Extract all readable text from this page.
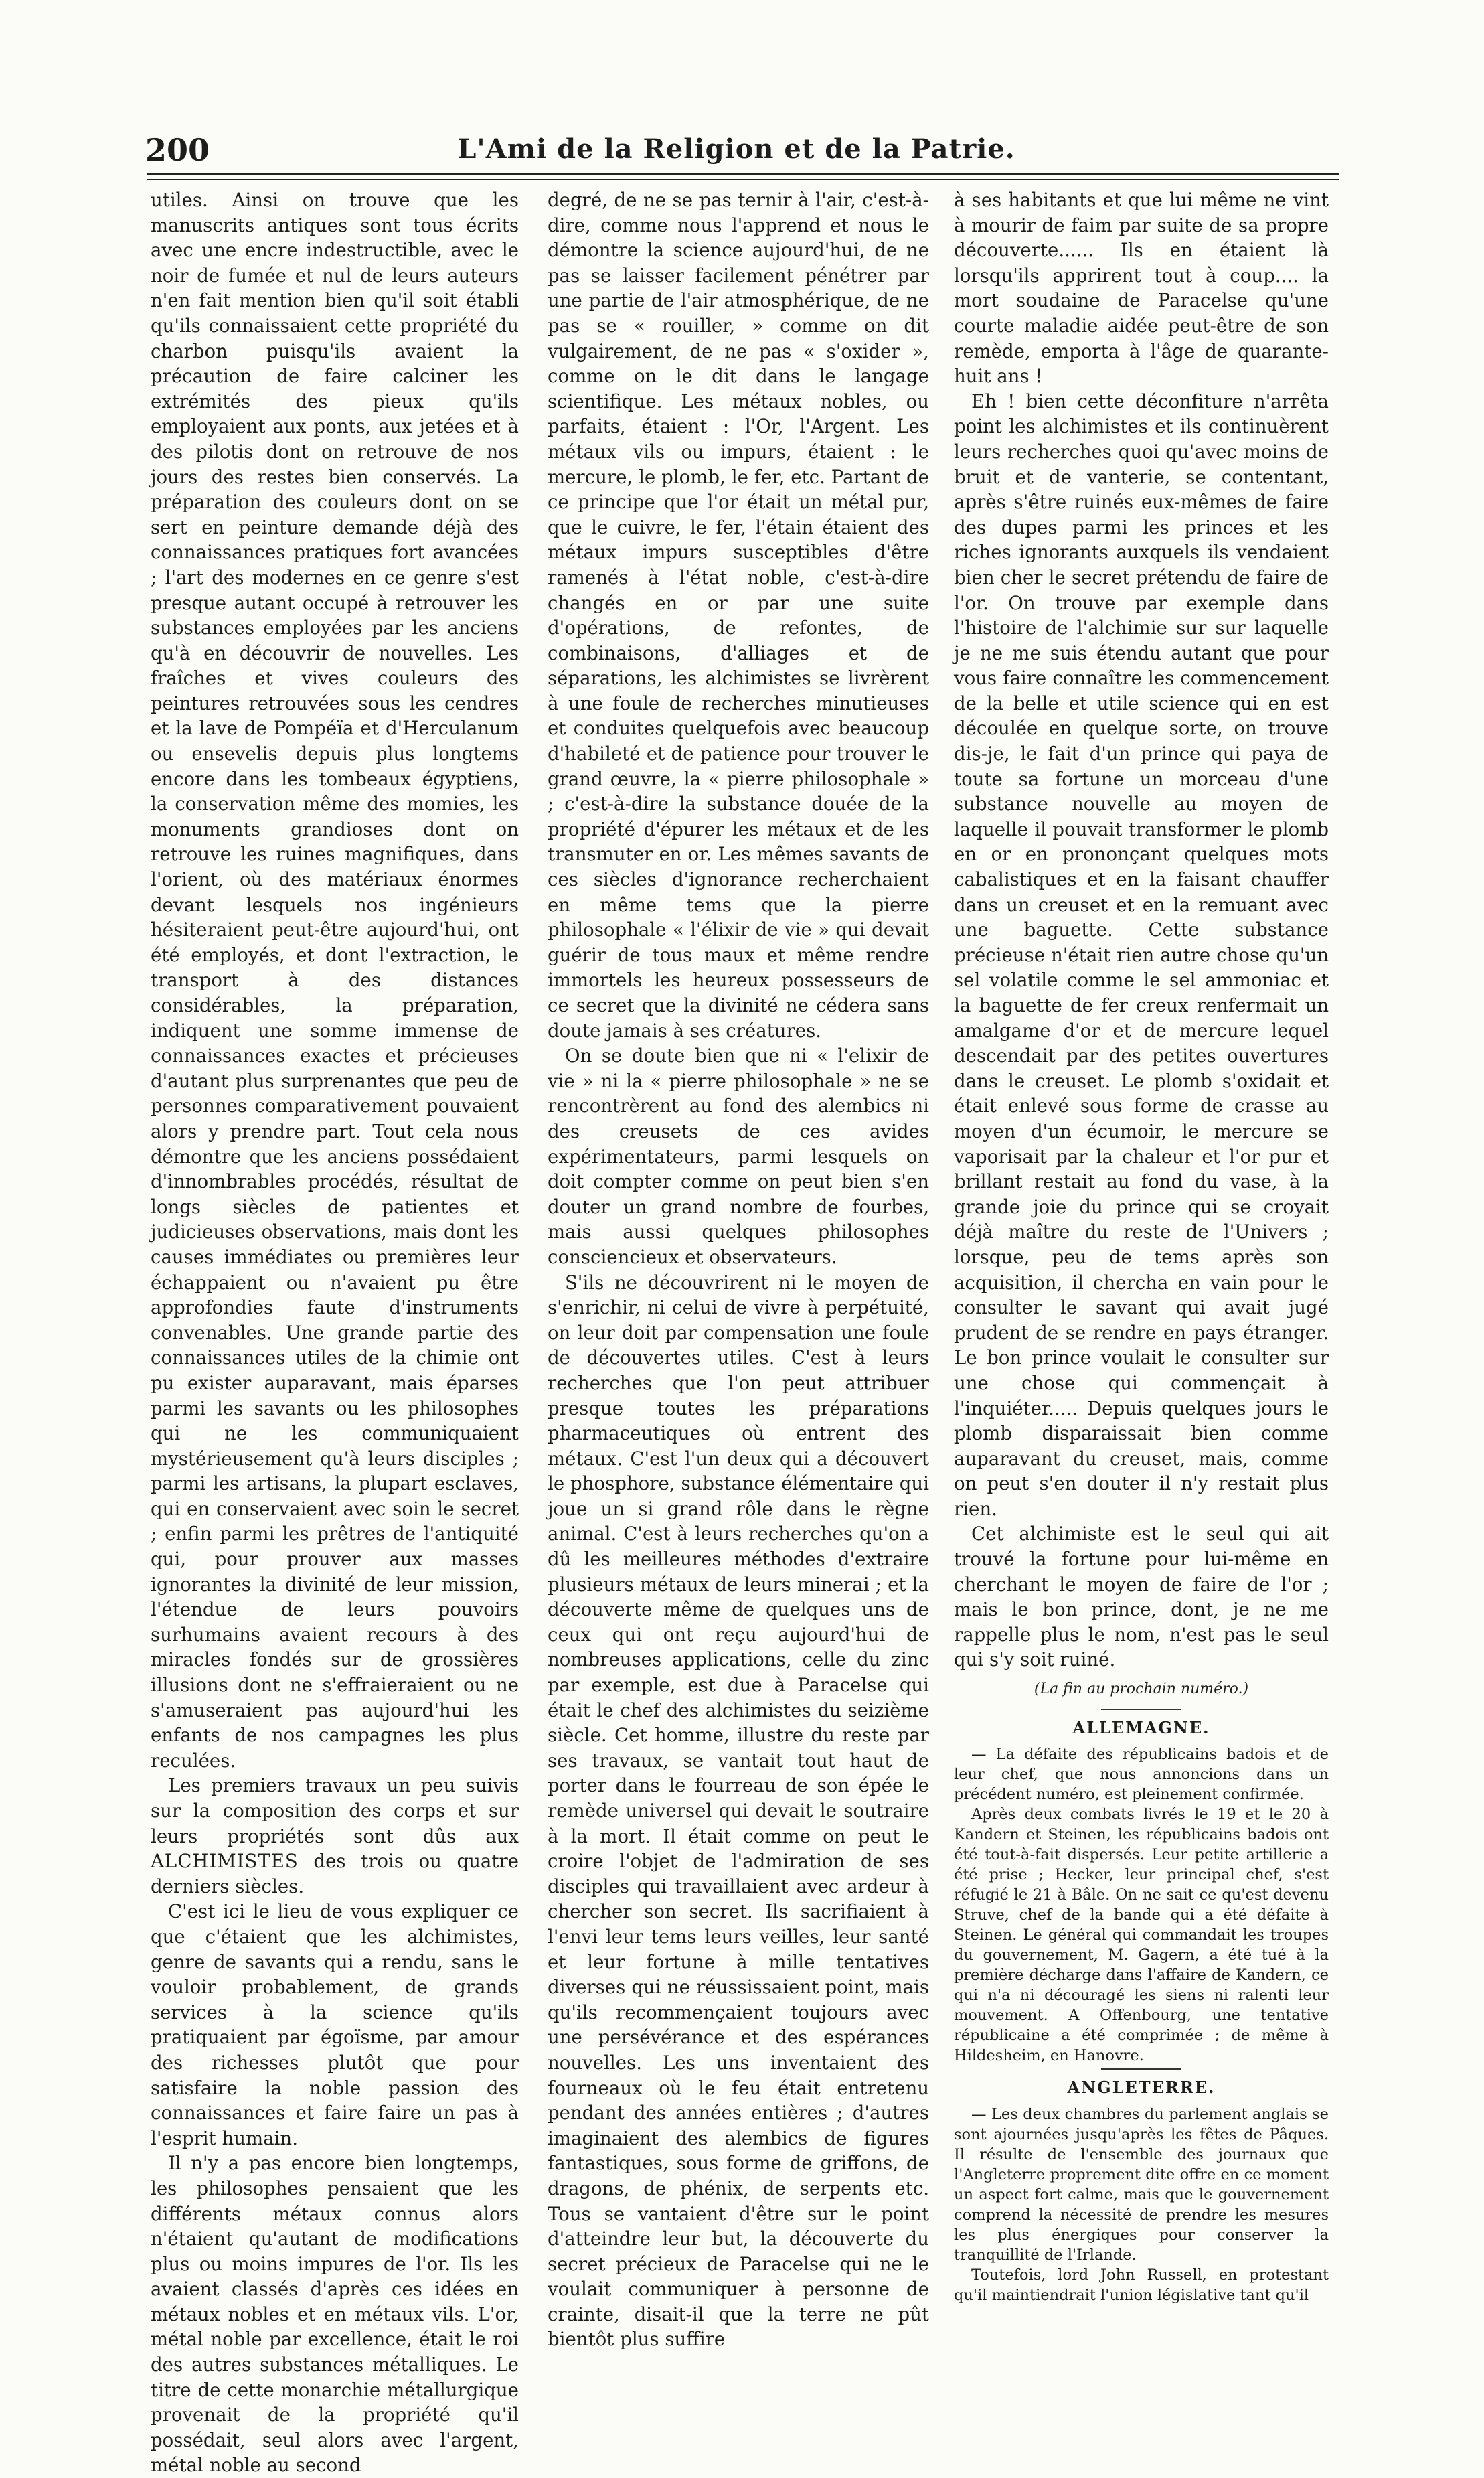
200	L'Ami de la Religion et de la Patrie.

utiles. Ainsi on trouve que les manuscrits antiques sont tous écrits avec une encre indestructible, avec le noir de fumée et nul de leurs auteurs n'en fait mention bien qu'il soit établi qu'ils connaissaient cette propriété du charbon puisqu'ils avaient la précaution de faire calciner les extrémités des pieux qu'ils employaient aux ponts, aux jetées et à des pilotis dont on retrouve de nos jours des restes bien conservés. La préparation des couleurs dont on se sert en peinture demande déjà des connaissances pratiques fort avancées ; l'art des modernes en ce genre s'est presque autant occupé à retrouver les substances employées par les anciens qu'à en découvrir de nouvelles. Les fraîches et vives couleurs des peintures retrouvées sous les cendres et la lave de Pompéïa et d'Herculanum ou ensevelis depuis plus longtems encore dans les tombeaux égyptiens, la conservation même des momies, les monuments grandioses dont on retrouve les ruines magnifiques, dans l'orient, où des matériaux énormes devant lesquels nos ingénieurs hésiteraient peut-être aujourd'hui, ont été employés, et dont l'extraction, le transport à des distances considérables, la préparation, indiquent une somme immense de connaissances exactes et précieuses d'autant plus surprenantes que peu de personnes comparativement pouvaient alors y prendre part. Tout cela nous démontre que les anciens possédaient d'innombrables procédés, résultat de longs siècles de patientes et judicieuses observations, mais dont les causes immédiates ou premières leur échappaient ou n'avaient pu être approfondies faute d'instruments convenables. Une grande partie des connaissances utiles de la chimie ont pu exister auparavant, mais éparses parmi les savants ou les philosophes qui ne les communiquaient mystérieusement qu'à leurs disciples ; parmi les artisans, la plupart esclaves, qui en conservaient avec soin le secret ; enfin parmi les prêtres de l'antiquité qui, pour prouver aux masses ignorantes la divinité de leur mission, l'étendue de leurs pouvoirs surhumains avaient recours à des miracles fondés sur de grossières illusions dont ne s'effraieraient ou ne s'amuseraient pas aujourd'hui les enfants de nos campagnes les plus reculées.

Les premiers travaux un peu suivis sur la composition des corps et sur leurs propriétés sont dûs aux ALCHIMISTES des trois ou quatre derniers siècles.

C'est ici le lieu de vous expliquer ce que c'étaient que les alchimistes, genre de savants qui a rendu, sans le vouloir probablement, de grands services à la science qu'ils pratiquaient par égoïsme, par amour des richesses plutôt que pour satisfaire la noble passion des connaissances et faire faire un pas à l'esprit humain.

Il n'y a pas encore bien longtemps, les philosophes pensaient que les différents métaux connus alors n'étaient qu'autant de modifications plus ou moins impures de l'or. Ils les avaient classés d'après ces idées en métaux nobles et en métaux vils. L'or, métal noble par excellence, était le roi des autres substances métalliques. Le titre de cette monarchie métallurgique provenait de la propriété qu'il possédait, seul alors avec l'argent, métal noble au second

degré, de ne se pas ternir à l'air, c'est-à-dire, comme nous l'apprend et nous le démontre la science aujourd'hui, de ne pas se laisser facilement pénétrer par une partie de l'air atmosphérique, de ne pas se « rouiller, » comme on dit vulgairement, de ne pas « s'oxider », comme on le dit dans le langage scientifique. Les métaux nobles, ou parfaits, étaient : l'Or, l'Argent. Les métaux vils ou impurs, étaient : le mercure, le plomb, le fer, etc. Partant de ce principe que l'or était un métal pur, que le cuivre, le fer, l'étain étaient des métaux impurs susceptibles d'être ramenés à l'état noble, c'est-à-dire changés en or par une suite d'opérations, de refontes, de combinaisons, d'alliages et de séparations, les alchimistes se livrèrent à une foule de recherches minutieuses et conduites quelquefois avec beaucoup d'habileté et de patience pour trouver le grand œuvre, la « pierre philosophale » ; c'est-à-dire la substance douée de la propriété d'épurer les métaux et de les transmuter en or. Les mêmes savants de ces siècles d'ignorance recherchaient en même tems que la pierre philosophale « l'élixir de vie » qui devait guérir de tous maux et même rendre immortels les heureux possesseurs de ce secret que la divinité ne cédera sans doute jamais à ses créatures.

On se doute bien que ni « l'elixir de vie » ni la « pierre philosophale » ne se rencontrèrent au fond des alembics ni des creusets de ces avides expérimentateurs, parmi lesquels on doit compter comme on peut bien s'en douter un grand nombre de fourbes, mais aussi quelques philosophes consciencieux et observateurs.

S'ils ne découvrirent ni le moyen de s'enrichir, ni celui de vivre à perpétuité, on leur doit par compensation une foule de découvertes utiles. C'est à leurs recherches que l'on peut attribuer presque toutes les préparations pharmaceutiques où entrent des métaux. C'est l'un deux qui a découvert le phosphore, substance élémentaire qui joue un si grand rôle dans le règne animal. C'est à leurs recherches qu'on a dû les meilleures méthodes d'extraire plusieurs métaux de leurs minerai ; et la découverte même de quelques uns de ceux qui ont reçu aujourd'hui de nombreuses applications, celle du zinc par exemple, est due à Paracelse qui était le chef des alchimistes du seizième siècle. Cet homme, illustre du reste par ses travaux, se vantait tout haut de porter dans le fourreau de son épée le remède universel qui devait le soutraire à la mort. Il était comme on peut le croire l'objet de l'admiration de ses disciples qui travaillaient avec ardeur à chercher son secret. Ils sacrifiaient à l'envi leur tems leurs veilles, leur santé et leur fortune à mille tentatives diverses qui ne réussissaient point, mais qu'ils recommençaient toujours avec une persévérance et des espérances nouvelles. Les uns inventaient des fourneaux où le feu était entretenu pendant des années entières ; d'autres imaginaient des alembics de figures fantastiques, sous forme de griffons, de dragons, de phénix, de serpents etc. Tous se vantaient d'être sur le point d'atteindre leur but, la découverte du secret précieux de Paracelse qui ne le voulait communiquer à personne de crainte, disait-il que la terre ne pût bientôt plus suffire

à ses habitants et que lui même ne vint à mourir de faim par suite de sa propre découverte...... Ils en étaient là lorsqu'ils apprirent tout à coup.... la mort soudaine de Paracelse qu'une courte maladie aidée peut-être de son remède, emporta à l'âge de quarante-huit ans !

Eh ! bien cette déconfiture n'arrêta point les alchimistes et ils continuèrent leurs recherches quoi qu'avec moins de bruit et de vanterie, se contentant, après s'être ruinés eux-mêmes de faire des dupes parmi les princes et les riches ignorants auxquels ils vendaient bien cher le secret prétendu de faire de l'or. On trouve par exemple dans l'histoire de l'alchimie sur sur laquelle je ne me suis étendu autant que pour vous faire connaître les commencement de la belle et utile science qui en est découlée en quelque sorte, on trouve dis-je, le fait d'un prince qui paya de toute sa fortune un morceau d'une substance nouvelle au moyen de laquelle il pouvait transformer le plomb en or en prononçant quelques mots cabalistiques et en la faisant chauffer dans un creuset et en la remuant avec une baguette. Cette substance précieuse n'était rien autre chose qu'un sel volatile comme le sel ammoniac et la baguette de fer creux renfermait un amalgame d'or et de mercure lequel descendait par des petites ouvertures dans le creuset. Le plomb s'oxidait et était enlevé sous forme de crasse au moyen d'un écumoir, le mercure se vaporisait par la chaleur et l'or pur et brillant restait au fond du vase, à la grande joie du prince qui se croyait déjà maître du reste de l'Univers ; lorsque, peu de tems après son acquisition, il chercha en vain pour le consulter le savant qui avait jugé prudent de se rendre en pays étranger. Le bon prince voulait le consulter sur une chose qui commençait à l'inquiéter..... Depuis quelques jours le plomb disparaissait bien comme auparavant du creuset, mais, comme on peut s'en douter il n'y restait plus rien.

Cet alchimiste est le seul qui ait trouvé la fortune pour lui-même en cherchant le moyen de faire de l'or ; mais le bon prince, dont, je ne me rappelle plus le nom, n'est pas le seul qui s'y soit ruiné.

(La fin au prochain numéro.)

ALLEMAGNE.

— La défaite des républicains badois et de leur chef, que nous annoncions dans un précédent numéro, est pleinement confirmée.

Après deux combats livrés le 19 et le 20 à Kandern et Steinen, les républicains badois ont été tout-à-fait dispersés. Leur petite artillerie a été prise ; Hecker, leur principal chef, s'est réfugié le 21 à Bâle. On ne sait ce qu'est devenu Struve, chef de la bande qui a été défaite à Steinen. Le général qui commandait les troupes du gouvernement, M. Gagern, a été tué à la première décharge dans l'affaire de Kandern, ce qui n'a ni découragé les siens ni ralenti leur mouvement. A Offenbourg, une tentative républicaine a été comprimée ; de même à Hildesheim, en Hanovre.

ANGLETERRE.

— Les deux chambres du parlement anglais se sont ajournées jusqu'après les fêtes de Pâques. Il résulte de l'ensemble des journaux que l'Angleterre proprement dite offre en ce moment un aspect fort calme, mais que le gouvernement comprend la nécessité de prendre les mesures les plus énergiques pour conserver la tranquillité de l'Irlande.

Toutefois, lord John Russell, en protestant qu'il maintiendrait l'union législative tant qu'il
